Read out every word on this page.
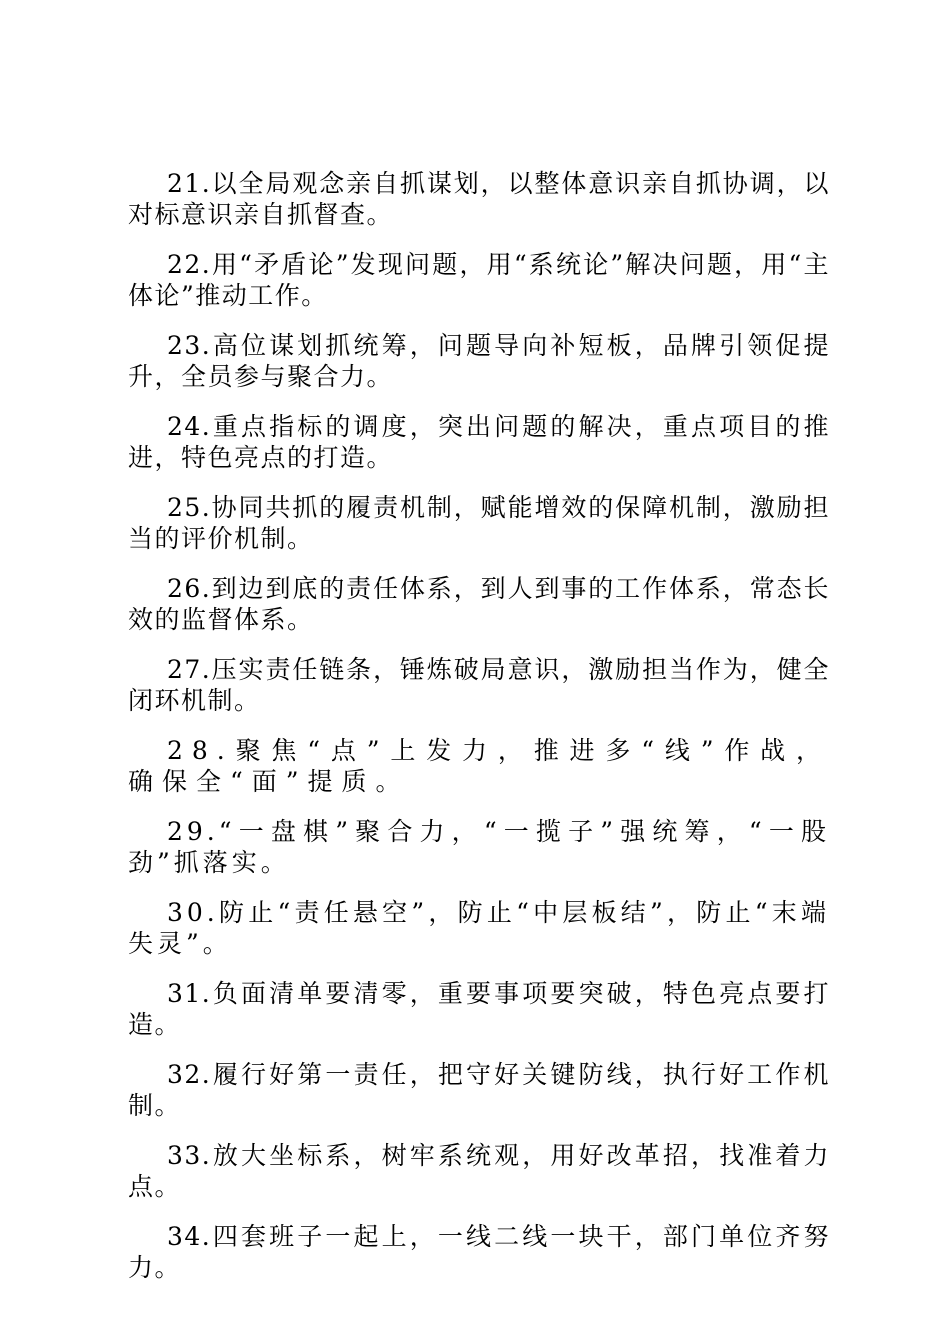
21.以全局观念亲自抓谋划，以整体意识亲自抓协调，以对标意识亲自抓督查。

22.用“矛盾论”发现问题，用“系统论”解决问题，用“主体论”推动工作。

23.高位谋划抓统筹，问题导向补短板，品牌引领促提升，全员参与聚合力。

24.重点指标的调度，突出问题的解决，重点项目的推进，特色亮点的打造。

25.协同共抓的履责机制，赋能增效的保障机制，激励担当的评价机制。

26.到边到底的责任体系，到人到事的工作体系，常态长效的监督体系。

27.压实责任链条，锤炼破局意识，激励担当作为，健全闭环机制。

28.聚焦“点”上发力，推进多“线”作战，确保全“面”提质。

29.“一盘棋”聚合力，“一揽子”强统筹，“一股劲”抓落实。

30.防止“责任悬空”，防止“中层板结”，防止“末端失灵”。

31.负面清单要清零，重要事项要突破，特色亮点要打造。

32.履行好第一责任，把守好关键防线，执行好工作机制。

33.放大坐标系，树牢系统观，用好改革招，找准着力点。

34.四套班子一起上，一线二线一块干，部门单位齐努力。
